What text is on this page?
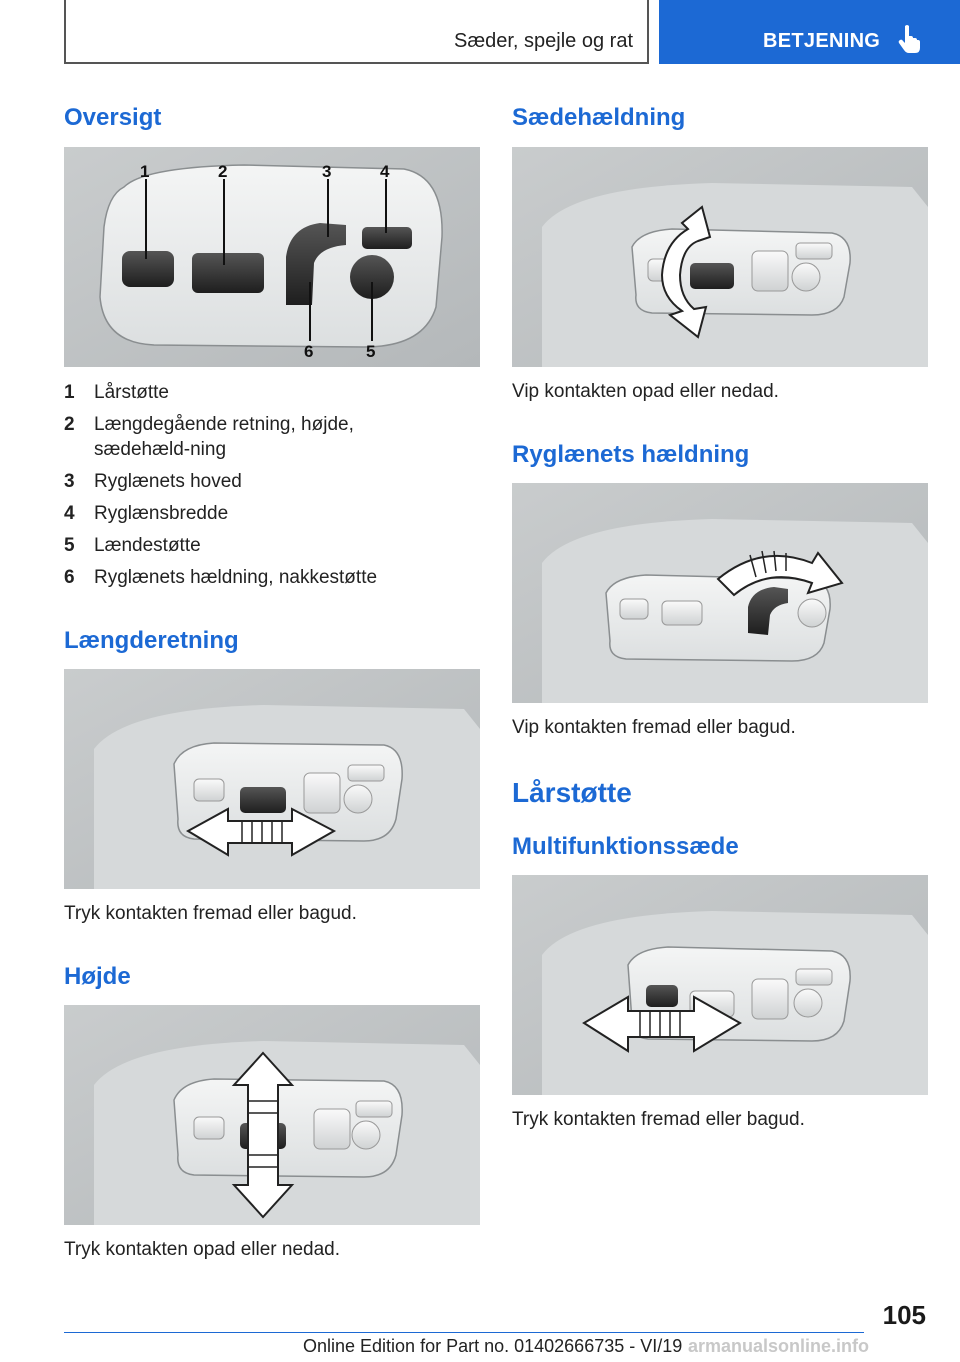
Sæder, spejle og rat	BETJENING
Oversigt
1	2	3	4
5
6
1 Lårstøtte
2 Længdegående retning, højde, sædehæld‐ning
3 Ryglænets hoved
4 Ryglænsbredde
5 Lændestøtte
6 Ryglænets hældning, nakkestøtte
Længderetning
Tryk kontakten fremad eller bagud.
Højde
Tryk kontakten opad eller nedad.
Sædehældning
Vip kontakten opad eller nedad.
Ryglænets hældning
Vip kontakten fremad eller bagud.
Lårstøtte
Multifunktionssæde
Tryk kontakten fremad eller bagud.
105
Online Edition for Part no. 01402666735 - VI/19 armanualsonline.info
